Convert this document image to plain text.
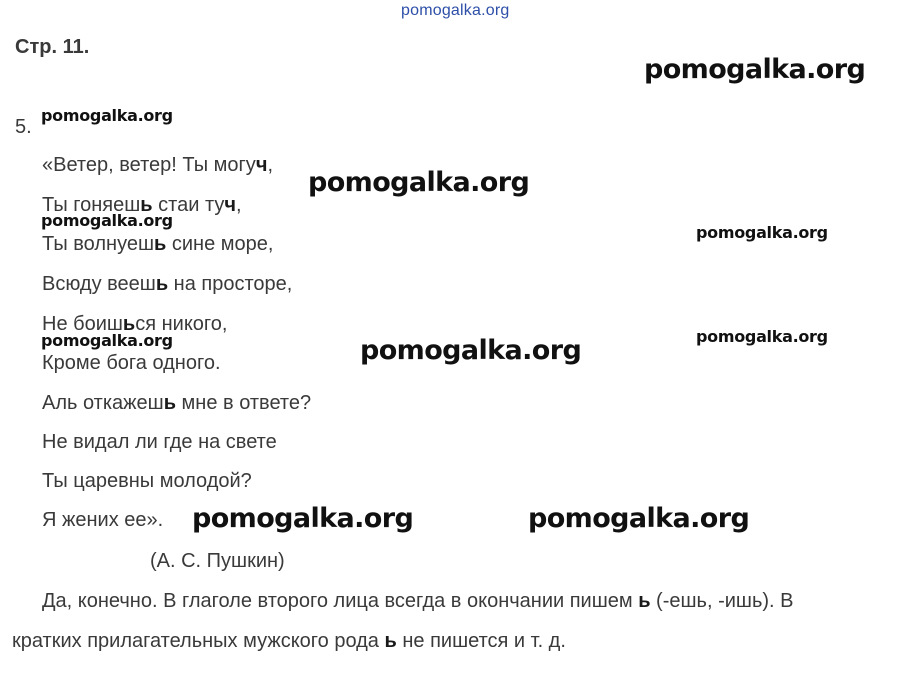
pomogalka.org
Стр. 11.
5.
«Ветер, ветер! Ты могуч,
Ты гоняешь стаи туч,
Ты волнуешь сине море,
Всюду веешь на просторе,
Не боишься никого,
Кроме бога одного.
Аль откажешь мне в ответе?
Не видал ли где на свете
Ты царевны молодой?
Я жених ее».
(А. С. Пушкин)
Да, конечно. В глаголе второго лица всегда в окончании пишем ь (-ешь, -ишь). В
кратких прилагательных мужского рода ь не пишется и т. д.
pomogalka.org
pomogalka.org
pomogalka.org
pomogalka.org
pomogalka.org
pomogalka.org	pomogalka.org
pomogalka.org
pomogalka.org	pomogalka.org
